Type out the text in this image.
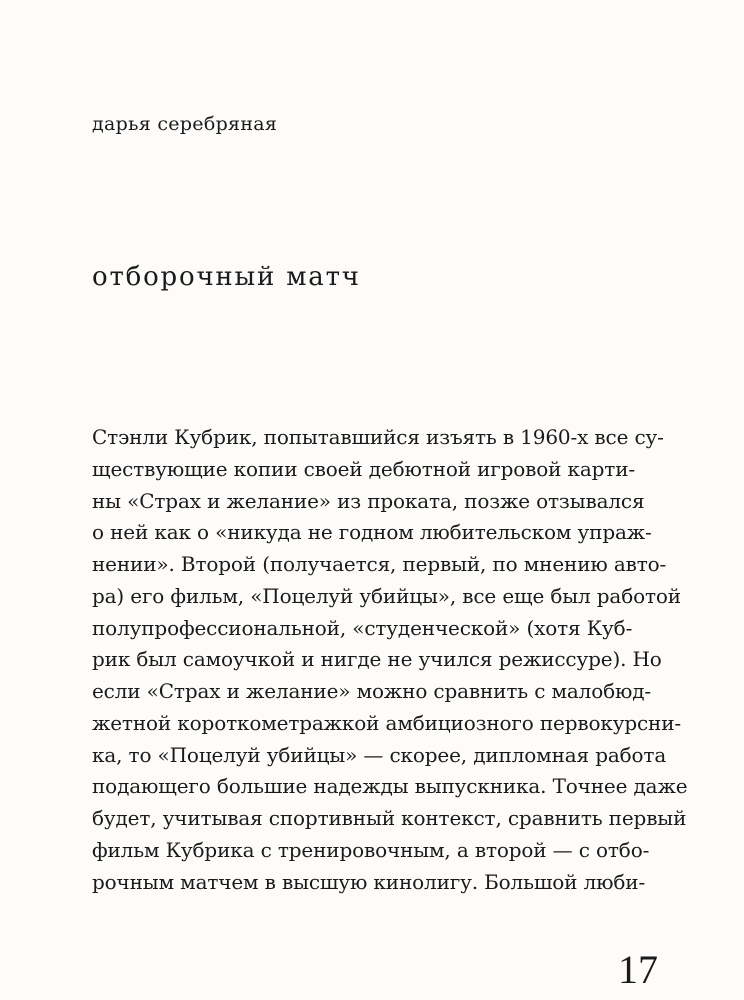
дарья серебряная

отборочный матч
Стэнли Кубрик, попытавшийся изъять в 1960-х все су-
ществующие копии своей дебютной игровой карти-
ны «Страх и желание» из проката, позже отзывался
о ней как о «никуда не годном любительском упраж-
нении». Второй (получается, первый, по мнению авто-
ра) его фильм, «Поцелуй убийцы», все еще был работой
полупрофессиональной, «студенческой» (хотя Куб-
рик был самоучкой и нигде не учился режиссуре). Но
если «Страх и желание» можно сравнить с малобюд-
жетной короткометражкой амбициозного первокурсни-
ка, то «Поцелуй убийцы» — скорее, дипломная работа
подающего большие надежды выпускника. Точнее даже
будет, учитывая спортивный контекст, сравнить первый
фильм Кубрика с тренировочным, а второй — с отбо-
рочным матчем в высшую кинолигу. Большой люби-

17
